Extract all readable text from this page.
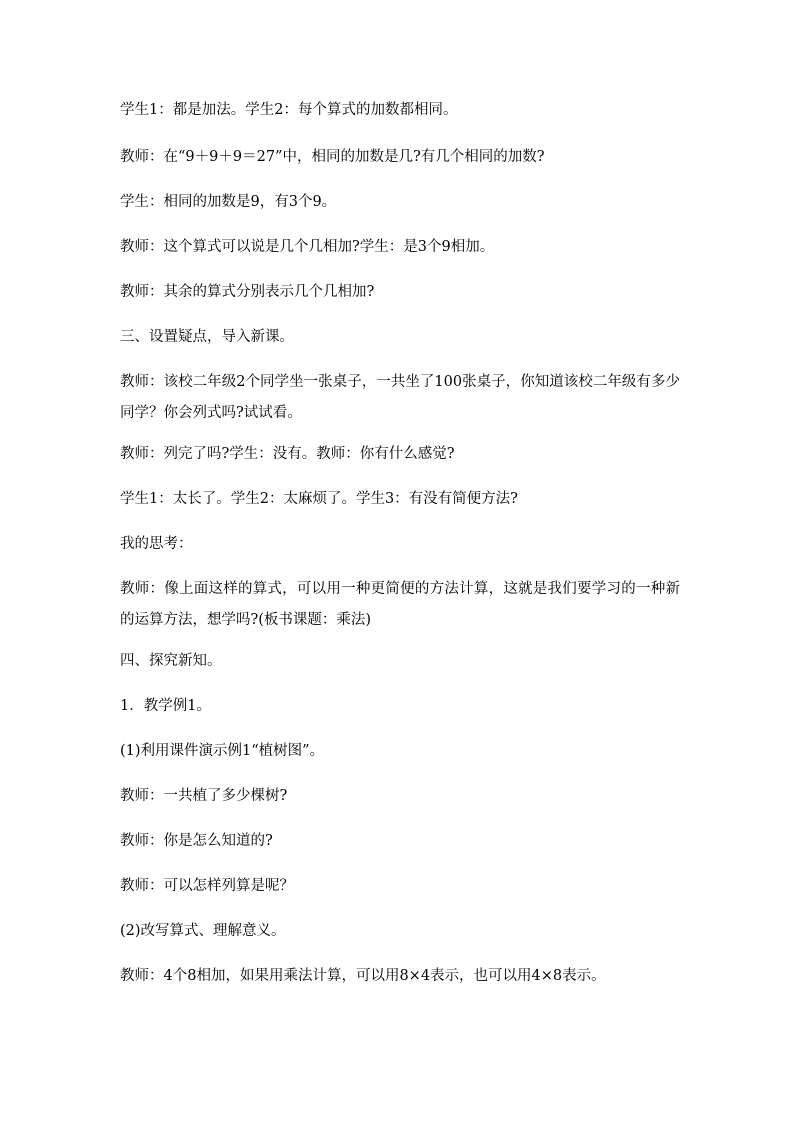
学生1：都是加法。学生2：每个算式的加数都相同。

教师：在“9＋9＋9＝27”中，相同的加数是几?有几个相同的加数?

学生：相同的加数是9，有3个9。

教师：这个算式可以说是几个几相加?学生：是3个9相加。

教师：其余的算式分别表示几个几相加?

三、设置疑点，导入新课。

教师：该校二年级2个同学坐一张桌子，一共坐了100张桌子，你知道该校二年级有多少同学？你会列式吗?试试看。

教师：列完了吗?学生：没有。教师：你有什么感觉?

学生1：太长了。学生2：太麻烦了。学生3：有没有简便方法?

我的思考：

教师：像上面这样的算式，可以用一种更简便的方法计算，这就是我们要学习的一种新的运算方法，想学吗?(板书课题：乘法)

四、探究新知。

1．教学例1。

(1)利用课件演示例1“植树图”。

教师：一共植了多少棵树?

教师：你是怎么知道的?

教师：可以怎样列算是呢？

(2)改写算式、理解意义。

教师：4个8相加，如果用乘法计算，可以用8×4表示，也可以用4×8表示。
